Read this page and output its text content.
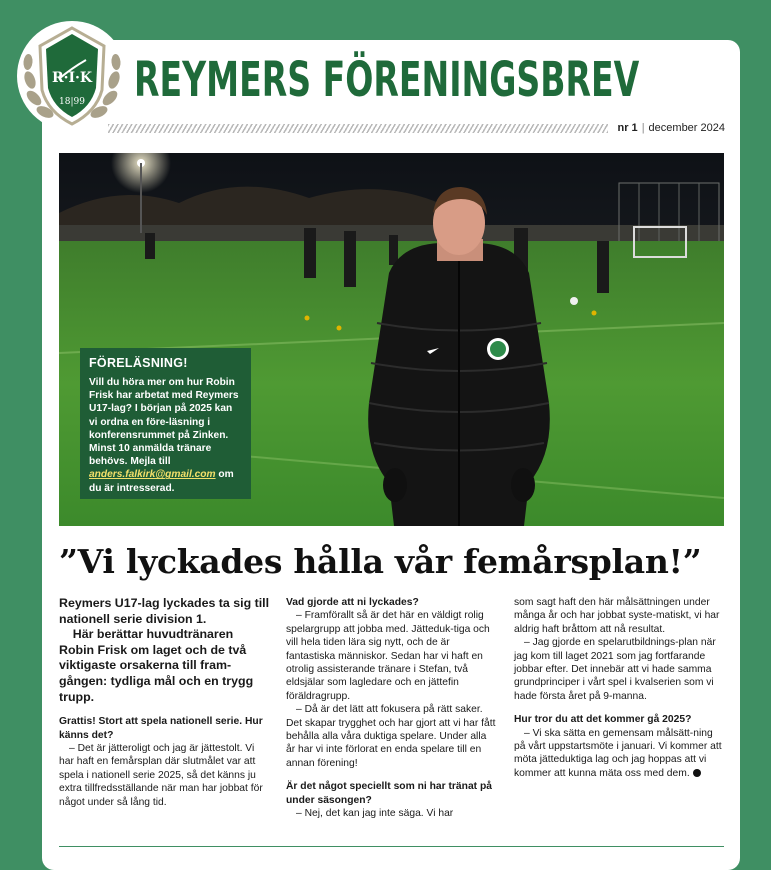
R·I·K
18|99 REYMERS FÖRENINGSBREV
nr 1 | december 2024
FÖRELÄSNING!

Vill du höra mer om hur Robin Frisk har arbetat med Reymers U17-lag? I början på 2025 kan vi ordna en före-läsning i konferensrummet på Zinken. Minst 10 anmälda tränare behövs. Mejla till anders.falkirk@gmail.com om du är intresserad.

”Vi lyckades hålla vår femårsplan!”

Reymers U17-lag lyckades ta sig till nationell serie division 1.
Här berättar huvudtränaren Robin Frisk om laget och de två viktigaste orsakerna till fram-gången: tydliga mål och en trygg trupp.

Grattis! Stort att spela nationell serie. Hur känns det?

– Det är jätteroligt och jag är jättestolt. Vi har haft en femårsplan där slutmålet var att spela i nationell serie 2025, så det känns ju extra tillfredsställande när man har jobbat för något under så lång tid.

Vad gjorde att ni lyckades?

– Framförallt så är det här en väldigt rolig spelargrupp att jobba med. Jätteduk-tiga och vill hela tiden lära sig nytt, och de är fantastiska människor. Sedan har vi haft en otrolig assisterande tränare i Stefan, två eldsjälar som lagledare och en jättefin föräldragrupp.

– Då är det lätt att fokusera på rätt saker. Det skapar trygghet och har gjort att vi har fått behålla alla våra duktiga spelare. Under alla år har vi inte förlorat en enda spelare till en annan förening!

Är det något speciellt som ni har tränat på under säsongen?

– Nej, det kan jag inte säga. Vi har

som sagt haft den här målsättningen under många år och har jobbat syste-matiskt, vi har aldrig haft bråttom att nå resultat.

– Jag gjorde en spelarutbildnings-plan när jag kom till laget 2021 som jag fortfarande jobbar efter. Det innebär att vi hade samma grundprinciper i vårt spel i kvalserien som vi hade första året på 9-manna.

Hur tror du att det kommer gå 2025?

– Vi ska sätta en gemensam målsätt-ning på vårt uppstartsmöte i januari. Vi kommer att möta jätteduktiga lag och jag hoppas att vi kommer att kunna mäta oss med dem.
